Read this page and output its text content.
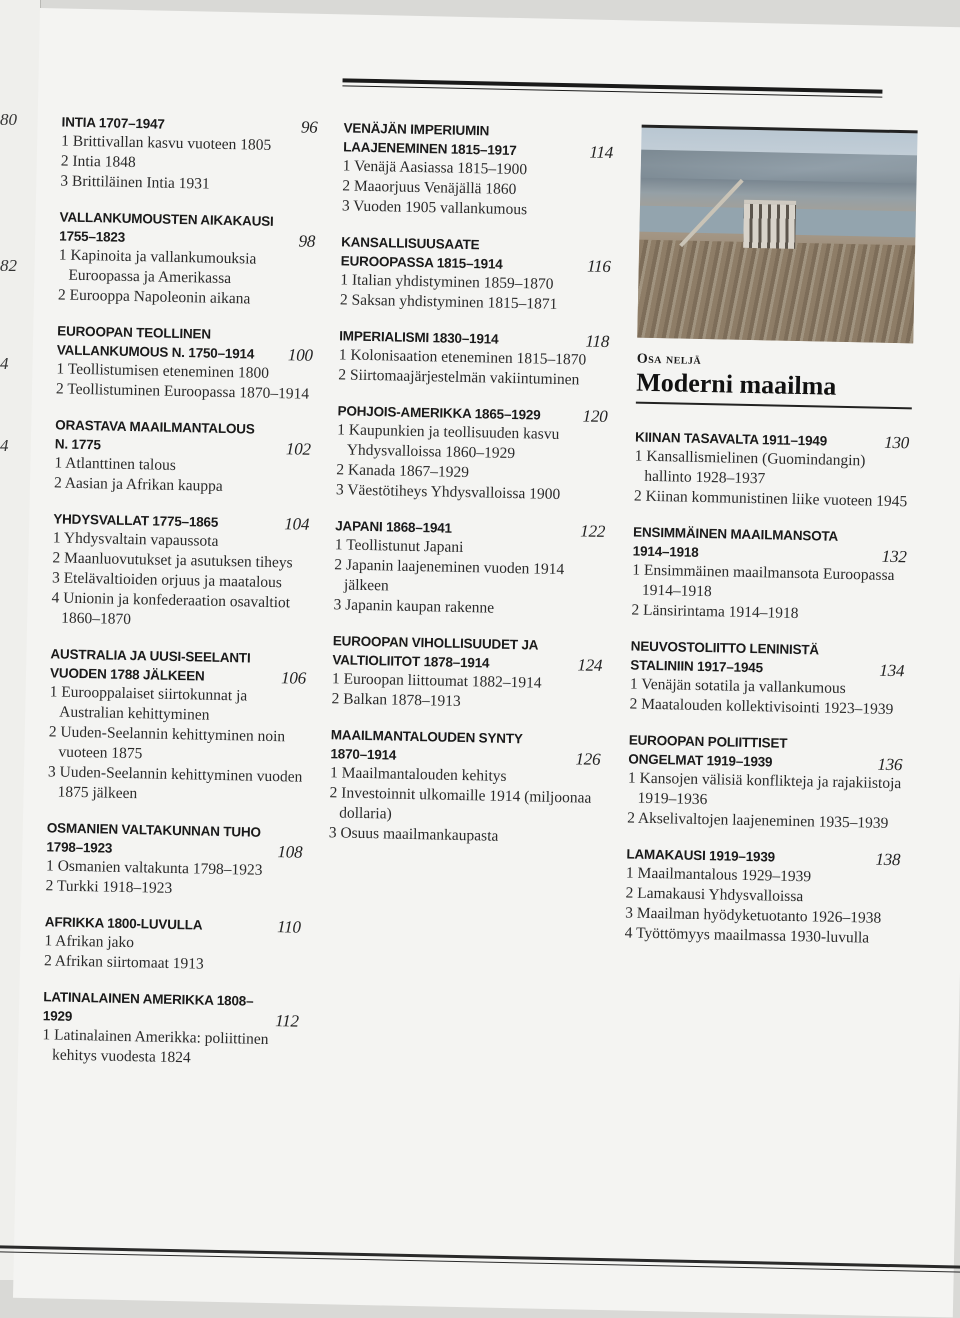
80
82
4
4
INTIA 1707–1947	96
1 Brittivallan kasvu vuoteen 1805
2 Intia 1848
3 Brittiläinen Intia 1931
VALLANKUMOUSTEN AIKAKAUSI 1755–1823	98
1 Kapinoita ja vallankumouksia Euroopassa ja Amerikassa
2 Eurooppa Napoleonin aikana
EUROOPAN TEOLLINEN VALLANKUMOUS N. 1750–1914 100
1 Teollistumisen eteneminen 1800
2 Teollistuminen Euroopassa 1870–1914
ORASTAVA MAAILMANTALOUS N. 1775	102
1 Atlanttinen talous
2 Aasian ja Afrikan kauppa
YHDYSVALLAT 1775–1865	104
1 Yhdysvaltain vapaussota
2 Maanluovutukset ja asutuksen tiheys
3 Etelävaltioiden orjuus ja maatalous
4 Unionin ja konfederaation osavaltiot 1860–1870
AUSTRALIA JA UUSI-SEELANTI VUODEN 1788 JÄLKEEN	106
1 Eurooppalaiset siirtokunnat ja Australian kehittyminen
2 Uuden-Seelannin kehittyminen noin vuoteen 1875
3 Uuden-Seelannin kehittyminen vuoden 1875 jälkeen
OSMANIEN VALTAKUNNAN TUHO 1798–1923	108
1 Osmanien valtakunta 1798–1923
2 Turkki 1918–1923
AFRIKKA 1800-LUVULLA	110
1 Afrikan jako
2 Afrikan siirtomaat 1913
LATINALAINEN AMERIKKA 1808–1929	112
1 Latinalainen Amerikka: poliittinen kehitys vuodesta 1824
VENÄJÄN IMPERIUMIN LAAJENEMINEN 1815–1917	114
1 Venäjä Aasiassa 1815–1900
2 Maaorjuus Venäjällä 1860
3 Vuoden 1905 vallankumous
KANSALLISUUSAATE EUROOPASSA 1815–1914	116
1 Italian yhdistyminen 1859–1870
2 Saksan yhdistyminen 1815–1871
IMPERIALISMI 1830–1914	118
1 Kolonisaation eteneminen 1815–1870
2 Siirtomaajärjestelmän vakiintuminen
POHJOIS-AMERIKKA 1865–1929 120
1 Kaupunkien ja teollisuuden kasvu Yhdysvalloissa 1860–1929
2 Kanada 1867–1929
3 Väestötiheys Yhdysvalloissa 1900
JAPANI 1868–1941	122
1 Teollistunut Japani
2 Japanin laajeneminen vuoden 1914 jälkeen
3 Japanin kaupan rakenne
EUROOPAN VIHOLLISUUDET JA VALTIOLIITOT 1878–1914	124
1 Euroopan liittoumat 1882–1914
2 Balkan 1878–1913
MAAILMANTALOUDEN SYNTY 1870–1914	126
1 Maailmantalouden kehitys
2 Investoinnit ulkomaille 1914 (miljoonaa dollaria)
3 Osuus maailmankaupasta
Osa neljä
Moderni maailma
KIINAN TASAVALTA 1911–1949	130
1 Kansallismielinen (Guomindangin) hallinto 1928–1937
2 Kiinan kommunistinen liike vuoteen 1945
ENSIMMÄINEN MAAILMANSOTA 1914–1918	132
1 Ensimmäinen maailmansota Euroopassa 1914–1918
2 Länsirintama 1914–1918
NEUVOSTOLIITTO LENINISTÄ STALINIIN 1917–1945	134
1 Venäjän sotatila ja vallankumous
2 Maatalouden kollektivisointi 1923–1939
EUROOPAN POLIITTISET ONGELMAT 1919–1939	136
1 Kansojen välisiä konflikteja ja rajakiistoja 1919–1936
2 Akselivaltojen laajeneminen 1935–1939
LAMAKAUSI 1919–1939	138
1 Maailmantalous 1929–1939
2 Lamakausi Yhdysvalloissa
3 Maailman hyödyketuotanto 1926–1938
4 Työttömyys maailmassa 1930-luvulla
